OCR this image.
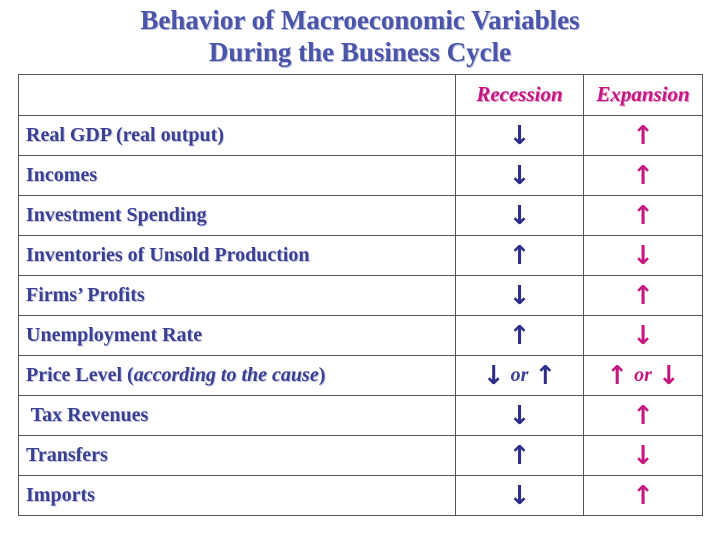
Behavior of Macroeconomic Variables
During the Business Cycle
	Recession	Expansion
Real GDP (real output)	↓	↑
Incomes	↓	↑
Investment Spending	↓	↑
Inventories of Unsold Production	↑	↓
Firms’ Profits	↓	↑
Unemployment Rate	↑	↓
Price Level (according to the cause)	↓ or ↑	↑ or ↓
Tax Revenues	↓	↑
Transfers	↑	↓
Imports	↓	↑
